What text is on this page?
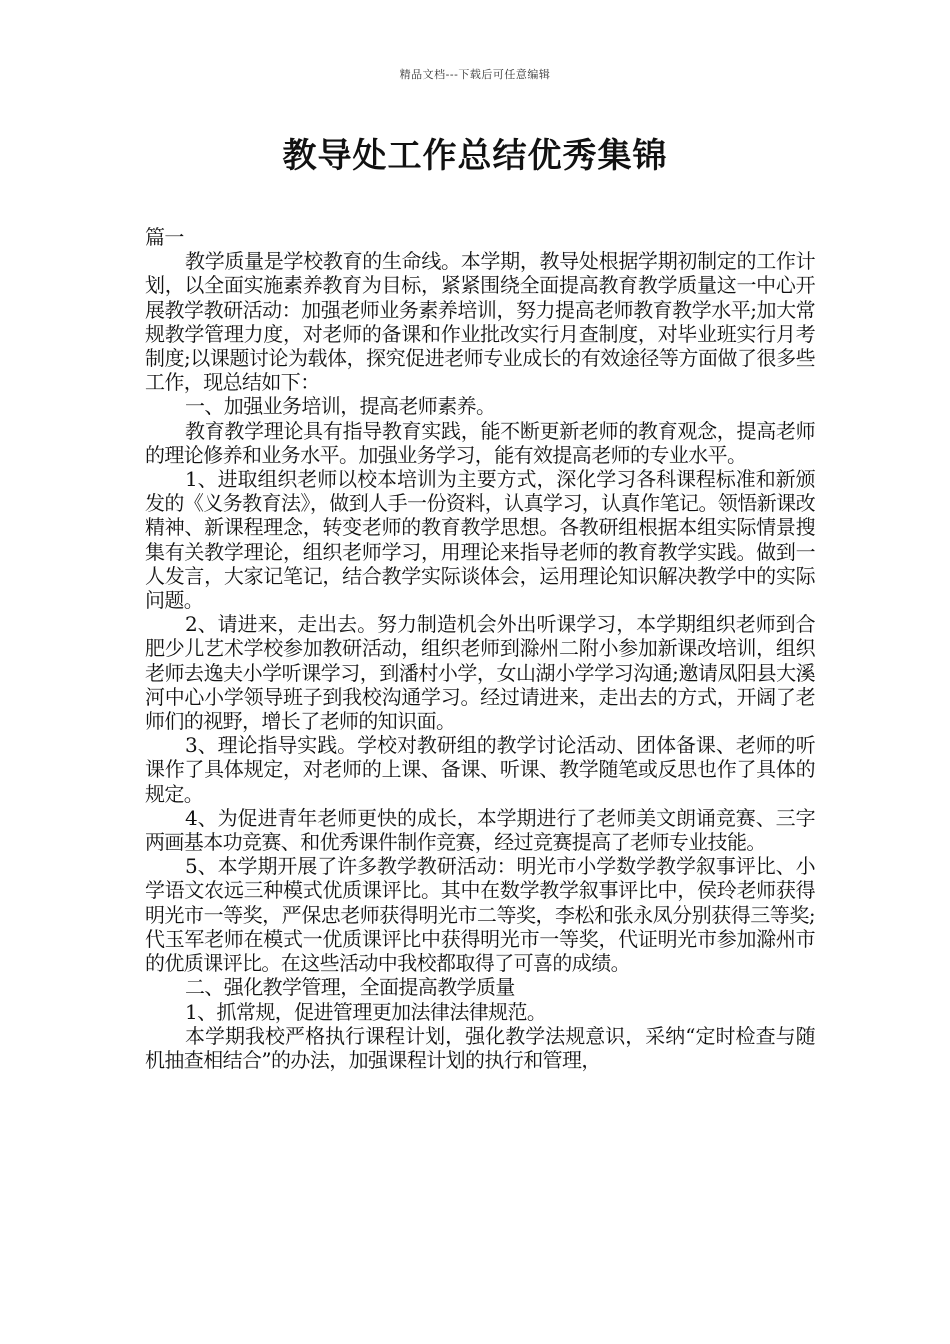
精品文档---下载后可任意编辑
教导处工作总结优秀集锦

篇一

教学质量是学校教育的生命线。本学期，教导处根据学期初制定的工作计划，以全面实施素养教育为目标，紧紧围绕全面提高教育教学质量这一中心开展教学教研活动：加强老师业务素养培训，努力提高老师教育教学水平;加大常规教学管理力度，对老师的备课和作业批改实行月查制度，对毕业班实行月考制度;以课题讨论为载体，探究促进老师专业成长的有效途径等方面做了很多些工作，现总结如下：

一、加强业务培训，提高老师素养。

教育教学理论具有指导教育实践，能不断更新老师的教育观念，提高老师的理论修养和业务水平。加强业务学习，能有效提高老师的专业水平。

1、进取组织老师以校本培训为主要方式，深化学习各科课程标准和新颁发的《义务教育法》，做到人手一份资料，认真学习，认真作笔记。领悟新课改精神、新课程理念，转变老师的教育教学思想。各教研组根据本组实际情景搜集有关教学理论，组织老师学习，用理论来指导老师的教育教学实践。做到一人发言，大家记笔记，结合教学实际谈体会，运用理论知识解决教学中的实际问题。

2、请进来，走出去。努力制造机会外出听课学习，本学期组织老师到合肥少儿艺术学校参加教研活动，组织老师到滁州二附小参加新课改培训，组织老师去逸夫小学听课学习，到潘村小学，女山湖小学学习沟通;邀请凤阳县大溪河中心小学领导班子到我校沟通学习。经过请进来，走出去的方式，开阔了老师们的视野，增长了老师的知识面。

3、理论指导实践。学校对教研组的教学讨论活动、团体备课、老师的听课作了具体规定，对老师的上课、备课、听课、教学随笔或反思也作了具体的规定。

4、为促进青年老师更快的成长，本学期进行了老师美文朗诵竞赛、三字两画基本功竞赛、和优秀课件制作竞赛，经过竞赛提高了老师专业技能。

5、本学期开展了许多教学教研活动：明光市小学数学教学叙事评比、小学语文农远三种模式优质课评比。其中在数学教学叙事评比中，侯玲老师获得明光市一等奖，严保忠老师获得明光市二等奖，李松和张永凤分别获得三等奖;代玉军老师在模式一优质课评比中获得明光市一等奖，代证明光市参加滁州市的优质课评比。在这些活动中我校都取得了可喜的成绩。

二、强化教学管理，全面提高教学质量

1、抓常规，促进管理更加法律法律规范。

本学期我校严格执行课程计划，强化教学法规意识，采纳“定时检查与随机抽查相结合”的办法，加强课程计划的执行和管理，
